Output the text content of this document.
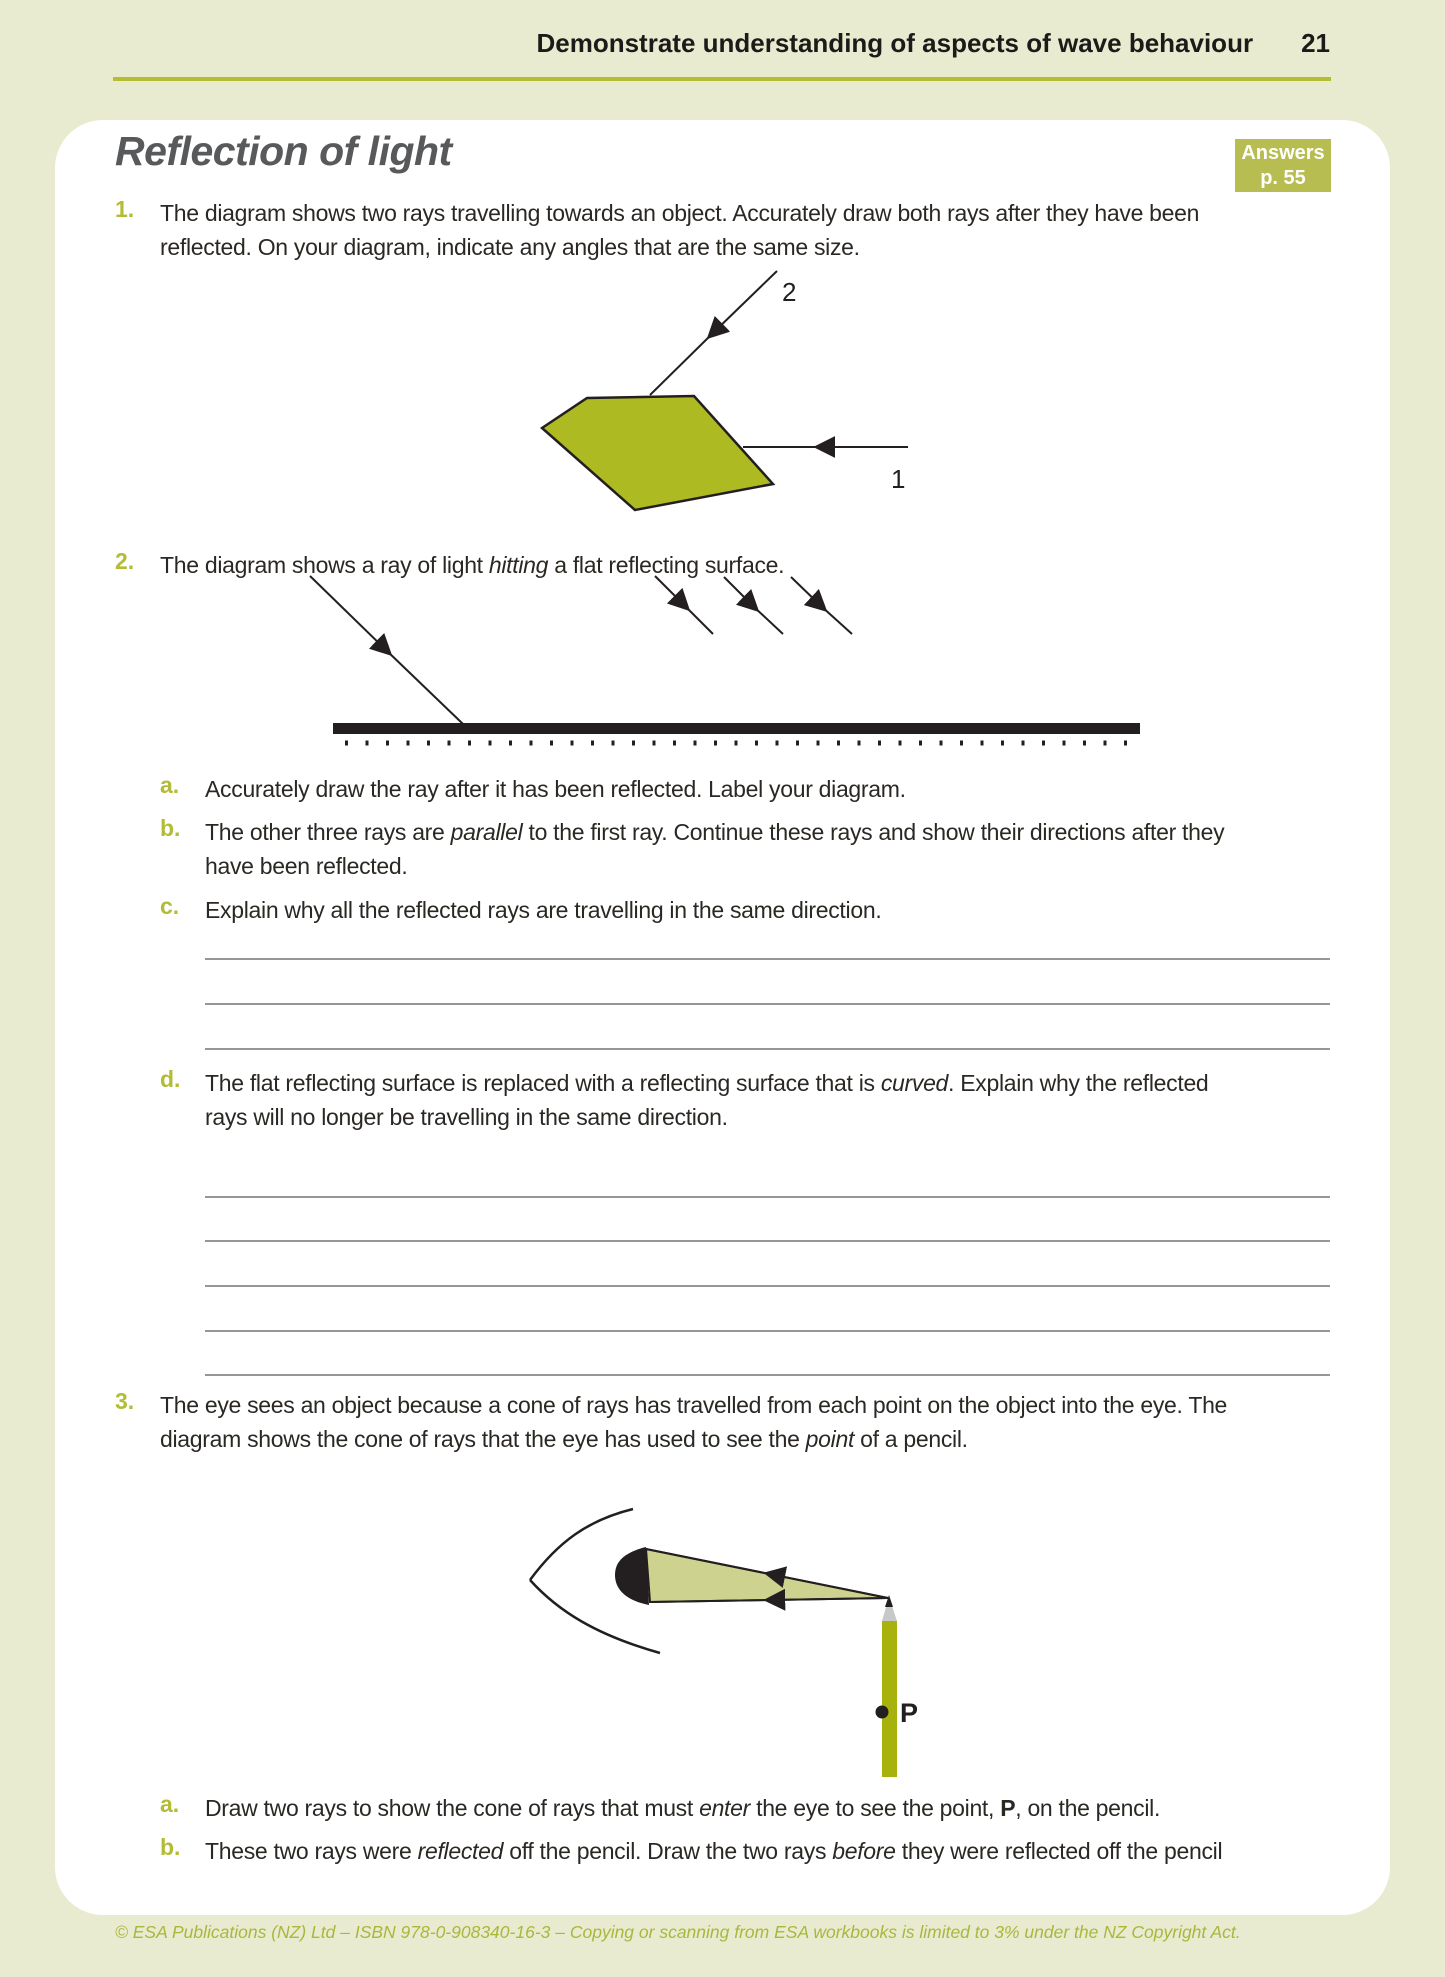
Demonstrate understanding of aspects of wave behaviour 21
Reflection of light	Answers
p. 55
1. The diagram shows two rays travelling towards an object. Accurately draw both rays after they have been
reflected. On your diagram, indicate any angles that are the same size.
2
1
2. The diagram shows a ray of light hitting a flat reflecting surface.
a. Accurately draw the ray after it has been reflected. Label your diagram.
b. The other three rays are parallel to the first ray. Continue these rays and show their directions after they
have been reflected.
c. Explain why all the reflected rays are travelling in the same direction.
d. The flat reflecting surface is replaced with a reflecting surface that is curved. Explain why the reflected
rays will no longer be travelling in the same direction.
3. The eye sees an object because a cone of rays has travelled from each point on the object into the eye. The
diagram shows the cone of rays that the eye has used to see the point of a pencil.
P
a. Draw two rays to show the cone of rays that must enter the eye to see the point, P, on the pencil.
b. These two rays were reflected off the pencil. Draw the two rays before they were reflected off the pencil
© ESA Publications (NZ) Ltd – ISBN 978-0-908340-16-3 – Copying or scanning from ESA workbooks is limited to 3% under the NZ Copyright Act.
